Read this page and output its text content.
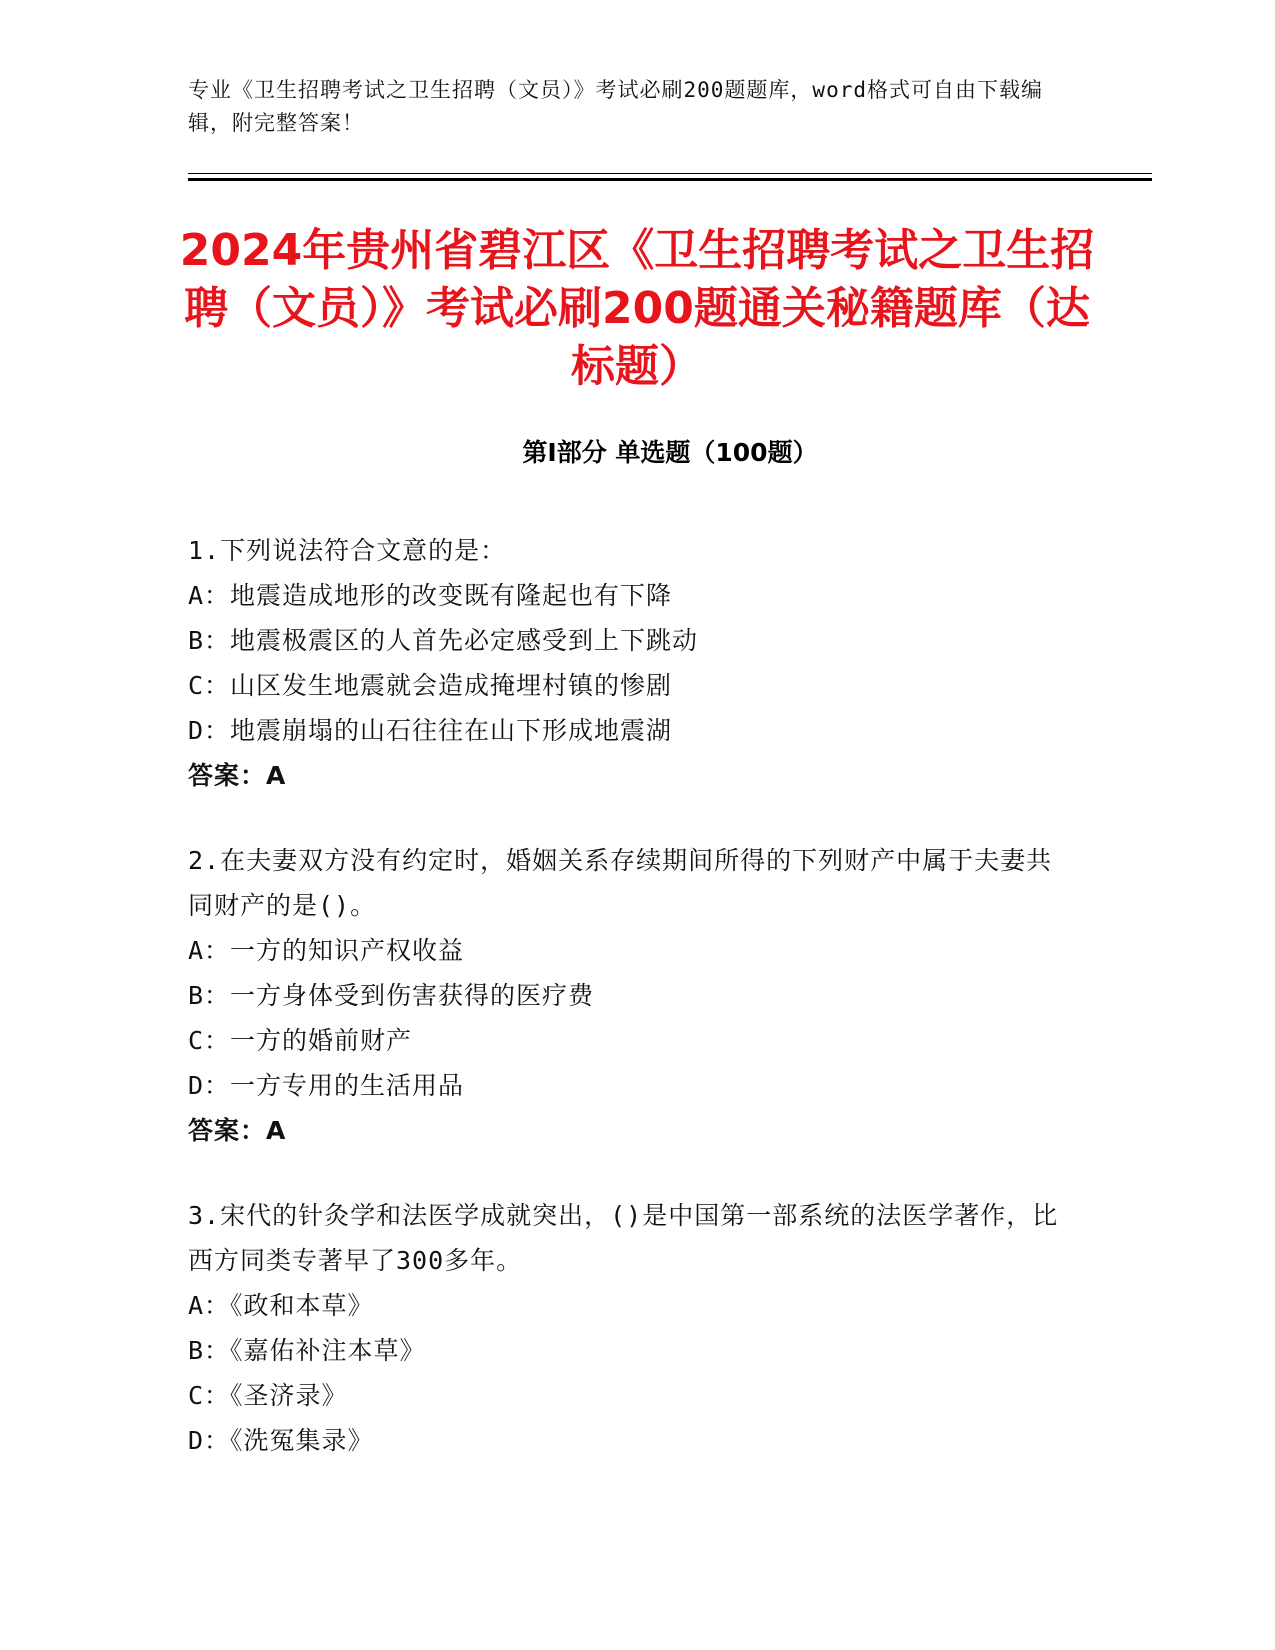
专业《卫生招聘考试之卫生招聘（文员）》考试必刷200题题库，word格式可自由下载编辑，附完整答案！
2024年贵州省碧江区《卫生招聘考试之卫生招聘（文员）》考试必刷200题通关秘籍题库（达标题）
第I部分 单选题（100题）
1.下列说法符合文意的是：
A：地震造成地形的改变既有隆起也有下降
B：地震极震区的人首先必定感受到上下跳动
C：山区发生地震就会造成掩埋村镇的惨剧
D：地震崩塌的山石往往在山下形成地震湖
答案：A
2.在夫妻双方没有约定时，婚姻关系存续期间所得的下列财产中属于夫妻共同财产的是()。
A：一方的知识产权收益
B：一方身体受到伤害获得的医疗费
C：一方的婚前财产
D：一方专用的生活用品
答案：A
3.宋代的针灸学和法医学成就突出，()是中国第一部系统的法医学著作，比西方同类专著早了300多年。
A：《政和本草》
B：《嘉佑补注本草》
C：《圣济录》
D：《洗冤集录》
